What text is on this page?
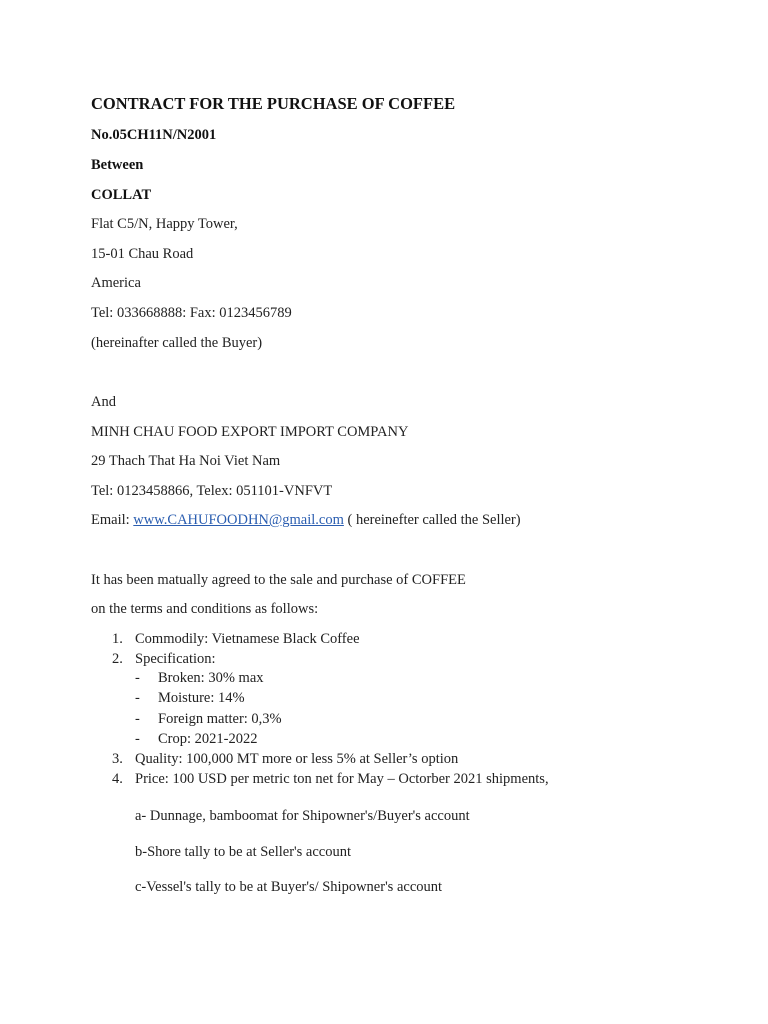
CONTRACT FOR THE PURCHASE OF COFFEE
No.05CH11N/N2001
Between
COLLAT
Flat C5/N, Happy Tower,
15-01 Chau Road
America
Tel: 033668888: Fax: 0123456789
(hereinafter called the Buyer)
And
MINH CHAU FOOD EXPORT IMPORT COMPANY
29 Thach That Ha Noi Viet Nam
Tel: 0123458866, Telex: 051101-VNFVT
Email: www.CAHUFOODHN@gmail.com ( hereinefter called the Seller)
It has been matually agreed to the sale and purchase of COFFEE
on the terms and conditions as follows:
1. Commodily: Vietnamese Black Coffee
2. Specification:
- Broken: 30% max
- Moisture: 14%
- Foreign matter: 0,3%
- Crop: 2021-2022
3. Quality: 100,000 MT more or less 5% at Seller’s option
4. Price: 100 USD per metric ton net for May – Octorber 2021 shipments,
a- Dunnage, bamboomat for Shipowner's/Buyer's account
b-Shore tally to be at Seller's account
c-Vessel's tally to be at Buyer's/ Shipowner's account
